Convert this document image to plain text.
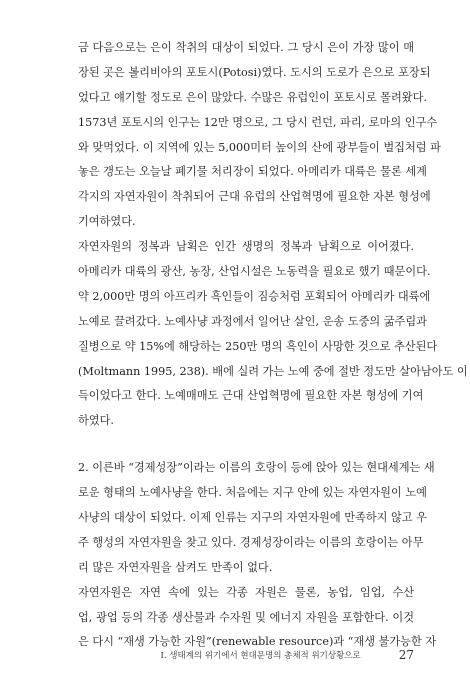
금 다음으로는 은이 착취의 대상이 되었다. 그 당시 은이 가장 많이 매
장된 곳은 볼리비아의 포토시(Potosi)였다. 도시의 도로가 은으로 포장되
었다고 얘기할 정도로 은이 많았다. 수많은 유럽인이 포토시로 몰려왔다.
1573년 포토시의 인구는 12만 명으로, 그 당시 런던, 파리, 로마의 인구수
와 맞먹었다. 이 지역에 있는 5,000미터 높이의 산에 광부들이 벌집처럼 파
놓은 갱도는 오늘날 폐기물 처리장이 되었다. 아메리카 대륙은 물론 세계
각지의 자연자원이 착취되어 근대 유럽의 산업혁명에 필요한 자본 형성에
기여하였다.
자연자원의 정복과 남획은 인간 생명의 정복과 남획으로 이어졌다.
아메리카 대륙의 광산, 농장, 산업시설은 노동력을 필요로 했기 때문이다.
약 2,000만 명의 아프리카 흑인들이 짐승처럼 포획되어 아메리카 대륙에
노예로 끌려갔다. 노예사냥 과정에서 일어난 살인, 운송 도중의 굶주림과
질병으로 약 15%에 해당하는 250만 명의 흑인이 사망한 것으로 추산된다
(Moltmann 1995, 238). 배에 실려 가는 노예 중에 절반 정도만 살아남아도 이
득이었다고 한다. 노예매매도 근대 산업혁명에 필요한 자본 형성에 기여
하였다.
2. 이른바 “경제성장”이라는 이름의 호랑이 등에 앉아 있는 현대세계는 새
로운 형태의 노예사냥을 한다. 처음에는 지구 안에 있는 자연자원이 노예
사냥의 대상이 되었다. 이제 인류는 지구의 자연자원에 만족하지 않고 우
주 행성의 자연자원을 찾고 있다. 경제성장이라는 이름의 호랑이는 아무
리 많은 자연자원을 삼켜도 만족이 없다.
자연자원은 자연 속에 있는 각종 자원은 물론, 농업, 임업, 수산
업, 광업 등의 각종 생산물과 수자원 및 에너지 자원을 포함한다. 이것
은 다시 “재생 가능한 자원”(renewable resource)과 “재생 불가능한 자
I. 생태계의 위기에서 현대문명의 총체적 위기상황으로	27
